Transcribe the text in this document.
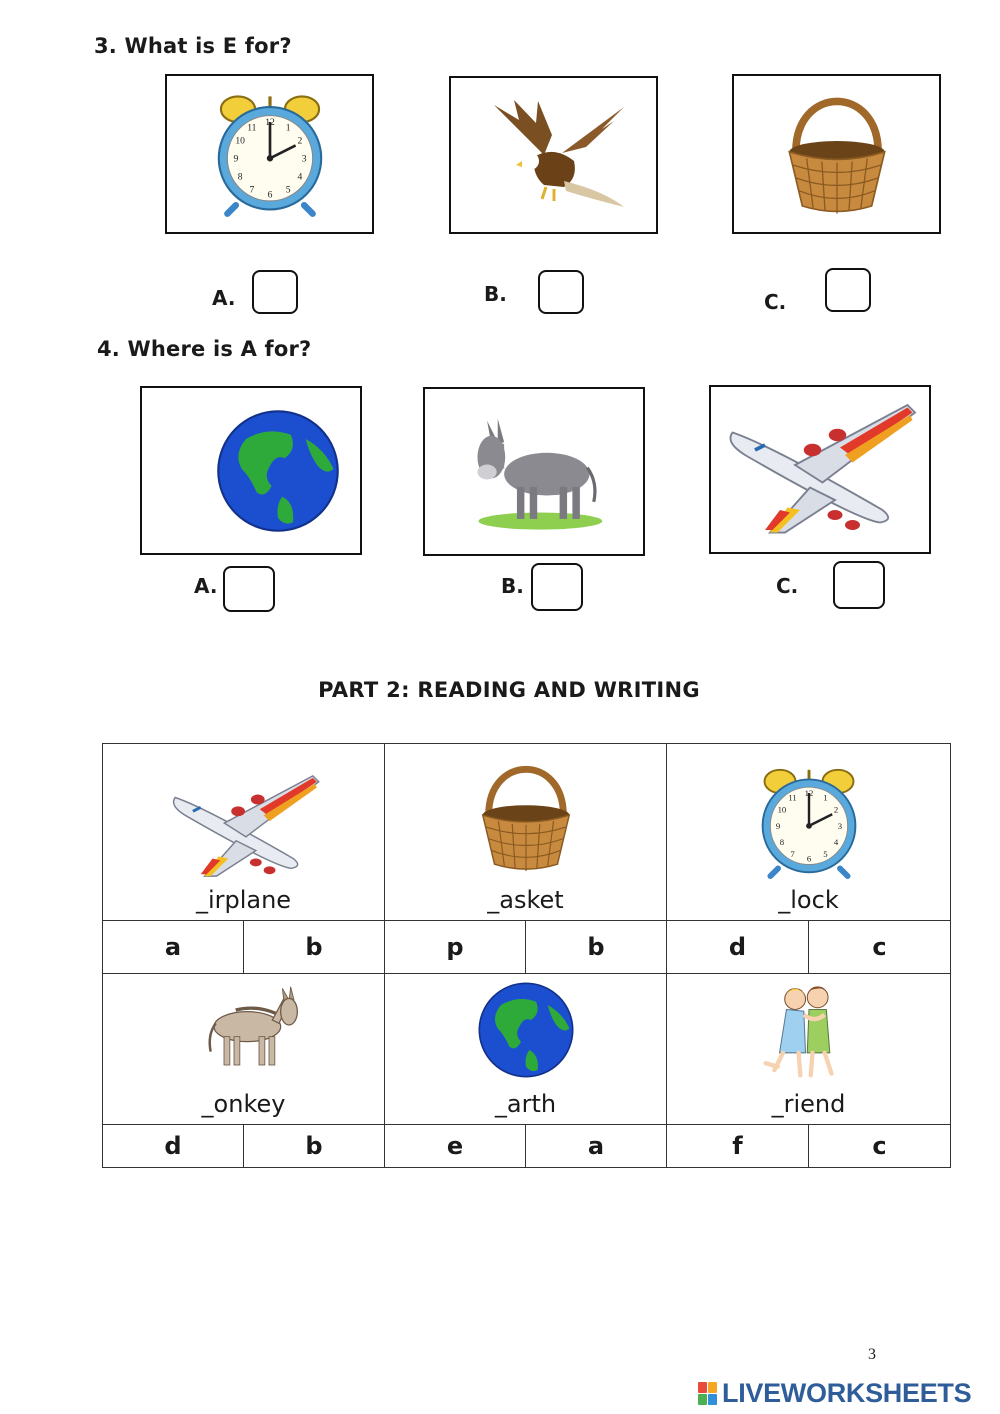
3. What is E for?
A.	B.	C.
4. Where is A for?
A.	B.	C.
PART 2: READING AND WRITING
_irplane		_asket		_lock	

a	b	p	b	d	c

_onkey		_arth		_riend	

d	b	e	a	f	c
3
LIVEWORKSHEETS
